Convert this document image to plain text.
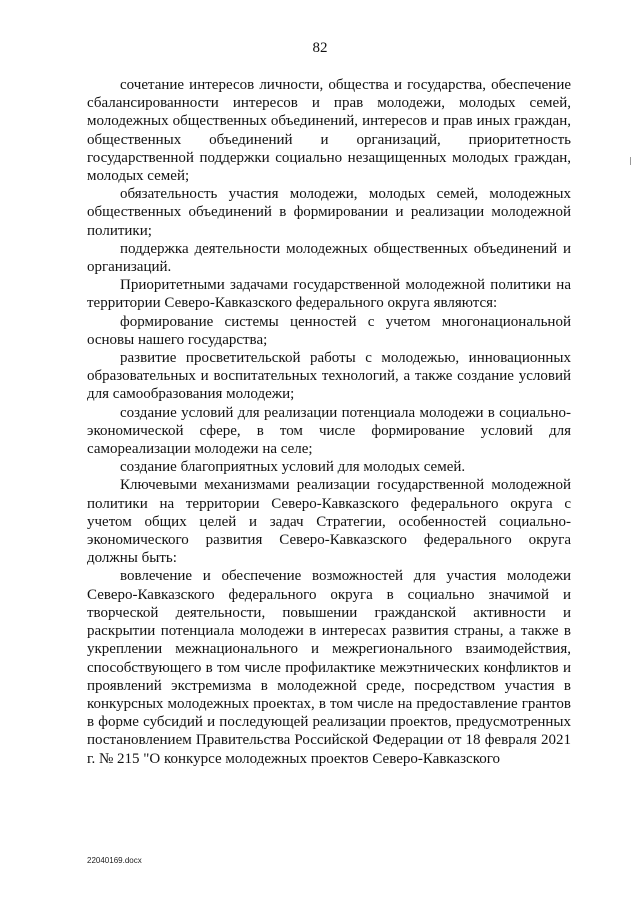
82

сочетание интересов личности, общества и государства, обеспечение сбалансированности интересов и прав молодежи, молодых семей, молодежных общественных объединений, интересов и прав иных граждан, общественных объединений и организаций, приоритетность государственной поддержки социально незащищенных молодых граждан, молодых семей;

обязательность участия молодежи, молодых семей, молодежных общественных объединений в формировании и реализации молодежной политики;

поддержка деятельности молодежных общественных объединений и организаций.

Приоритетными задачами государственной молодежной политики на территории Северо-Кавказского федерального округа являются:

формирование системы ценностей с учетом многонациональной основы нашего государства;

развитие просветительской работы с молодежью, инновационных образовательных и воспитательных технологий, а также создание условий для самообразования молодежи;

создание условий для реализации потенциала молодежи в социально-экономической сфере, в том числе формирование условий для самореализации молодежи на селе;

создание благоприятных условий для молодых семей.

Ключевыми механизмами реализации государственной молодежной политики на территории Северо-Кавказского федерального округа с учетом общих целей и задач Стратегии, особенностей социально-экономического развития Северо-Кавказского федерального округа должны быть:

вовлечение и обеспечение возможностей для участия молодежи Северо-Кавказского федерального округа в социально значимой и творческой деятельности, повышении гражданской активности и раскрытии потенциала молодежи в интересах развития страны, а также в укреплении межнационального и межрегионального взаимодействия, способствующего в том числе профилактике межэтнических конфликтов и проявлений экстремизма в молодежной среде, посредством участия в конкурсных молодежных проектах, в том числе на предоставление грантов в форме субсидий и последующей реализации проектов, предусмотренных постановлением Правительства Российской Федерации от 18 февраля 2021 г. № 215 "О конкурсе молодежных проектов Северо-Кавказского

22040169.docx
